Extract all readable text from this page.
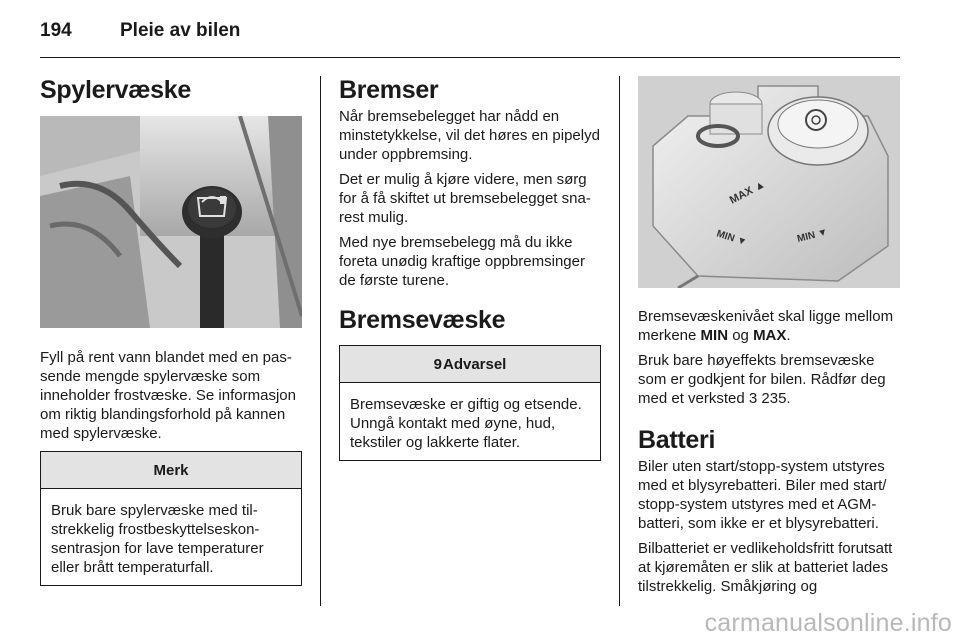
194	Pleie av bilen
Spylervæske

Fyll på rent vann blandet med en passende mengde spylervæske som inneholder frostvæske. Se informasjon om riktig blandingsforhold på kannen med spylervæske.

Merk

Bruk bare spylervæske med tilstrekkelig frostbeskyttelseskonsentrasjon for lave temperaturer eller brått temperaturfall.

Bremser

Når bremsebelegget har nådd en minstetykkelse, vil det høres en pipelyd under oppbremsing.

Det er mulig å kjøre videre, men sørg for å få skiftet ut bremsebelegget snarest mulig.

Med nye bremsebelegg må du ikke foreta unødig kraftige oppbremsinger de første turene.

Bremsevæske
9Advarsel

Bremsevæske er giftig og etsende. Unngå kontakt med øyne, hud, tekstiler og lakkerte flater.

MAX ▲
MIN ▼	MIN ▼

Bremsevæskenivået skal ligge mellom merkene MIN og MAX.

Bruk bare høyeffekts bremsevæske som er godkjent for bilen. Rådfør deg med et verksted 3 235.

Batteri

Biler uten start/stopp-system utstyres med et blysyrebatteri. Biler med start/ stopp-system utstyres med et AGM-batteri, som ikke er et blysyrebatteri.

Bilbatteriet er vedlikeholdsfritt forutsatt at kjøremåten er slik at batteriet lades tilstrekkelig. Småkjøring og

carmanualsonline.info
